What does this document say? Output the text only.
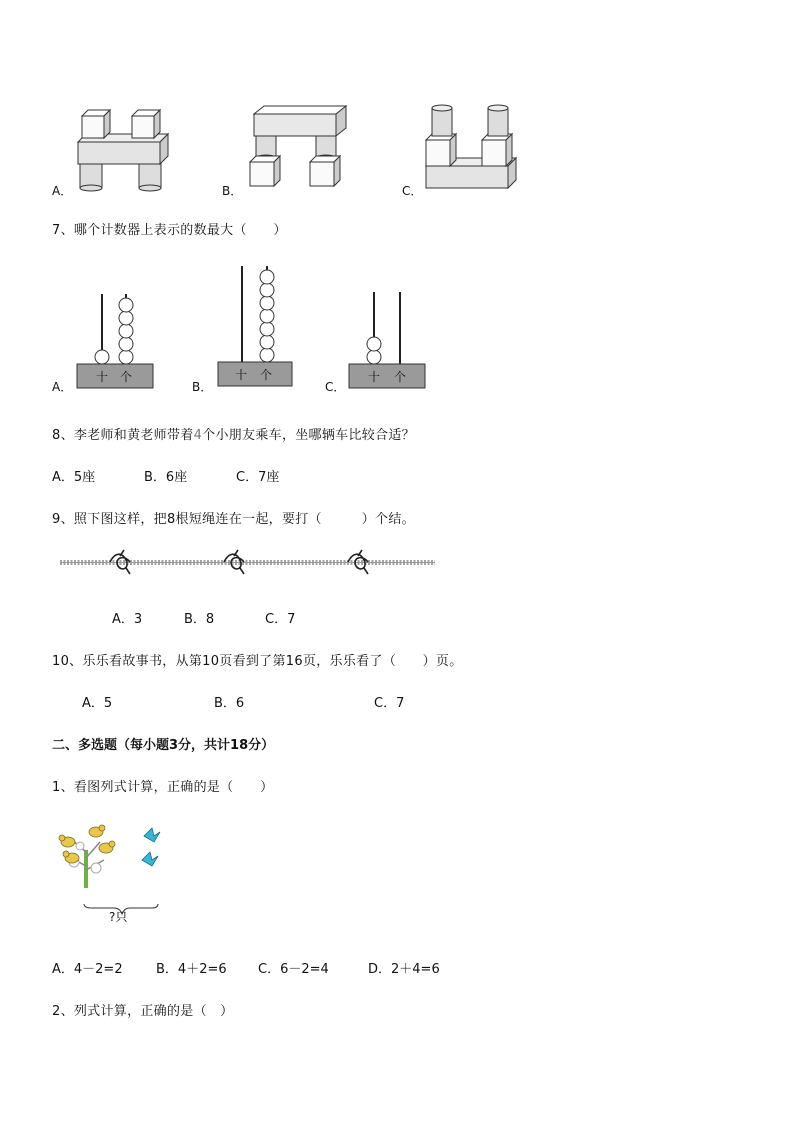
A．	B．	C．
7、哪个计数器上表示的数最大（　　）
十 个
A．
十 个
B．
十 个
C．
8、李老师和黄老师带着4个小朋友乘车，坐哪辆车比较合适？
A．5座	B．6座	C．7座
9、照下图这样，把8根短绳连在一起，要打（　　　）个结。
A．3	B．8	C．7
10、乐乐看故事书，从第10页看到了第16页，乐乐看了（　　）页。
A．5	B．6	C．7
二、多选题（每小题3分，共计18分）
1、看图列式计算，正确的是（　　）
?只
A．4－2=2	B．4＋2=6 C．6－2=4	D．2＋4=6
2、列式计算，正确的是（　）
